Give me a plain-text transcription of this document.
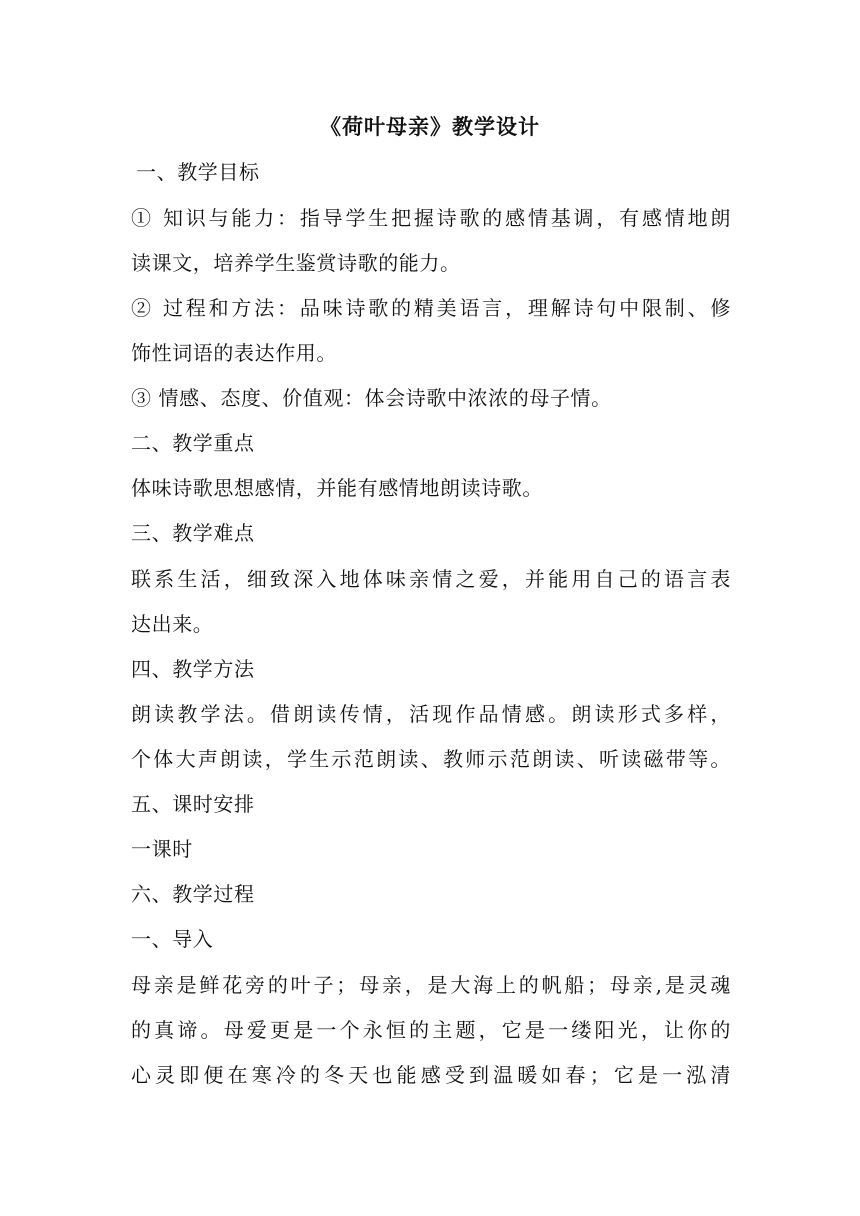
《荷叶母亲》教学设计
一、教学目标
① 知识与能力：指导学生把握诗歌的感情基调，有感情地朗
读课文，培养学生鉴赏诗歌的能力。
② 过程和方法：品味诗歌的精美语言，理解诗句中限制、修
饰性词语的表达作用。
③ 情感、态度、价值观：体会诗歌中浓浓的母子情。
二、教学重点
体味诗歌思想感情，并能有感情地朗读诗歌。
三、教学难点
联系生活，细致深入地体味亲情之爱，并能用自己的语言表
达出来。
四、教学方法
朗读教学法。借朗读传情，活现作品情感。朗读形式多样，
个体大声朗读，学生示范朗读、教师示范朗读、听读磁带等。
五、课时安排
一课时
六、教学过程
一、导入
母亲是鲜花旁的叶子；母亲，是大海上的帆船；母亲,是灵魂
的真谛。母爱更是一个永恒的主题，它是一缕阳光，让你的
心灵即便在寒冷的冬天也能感受到温暖如春；它是一泓清
